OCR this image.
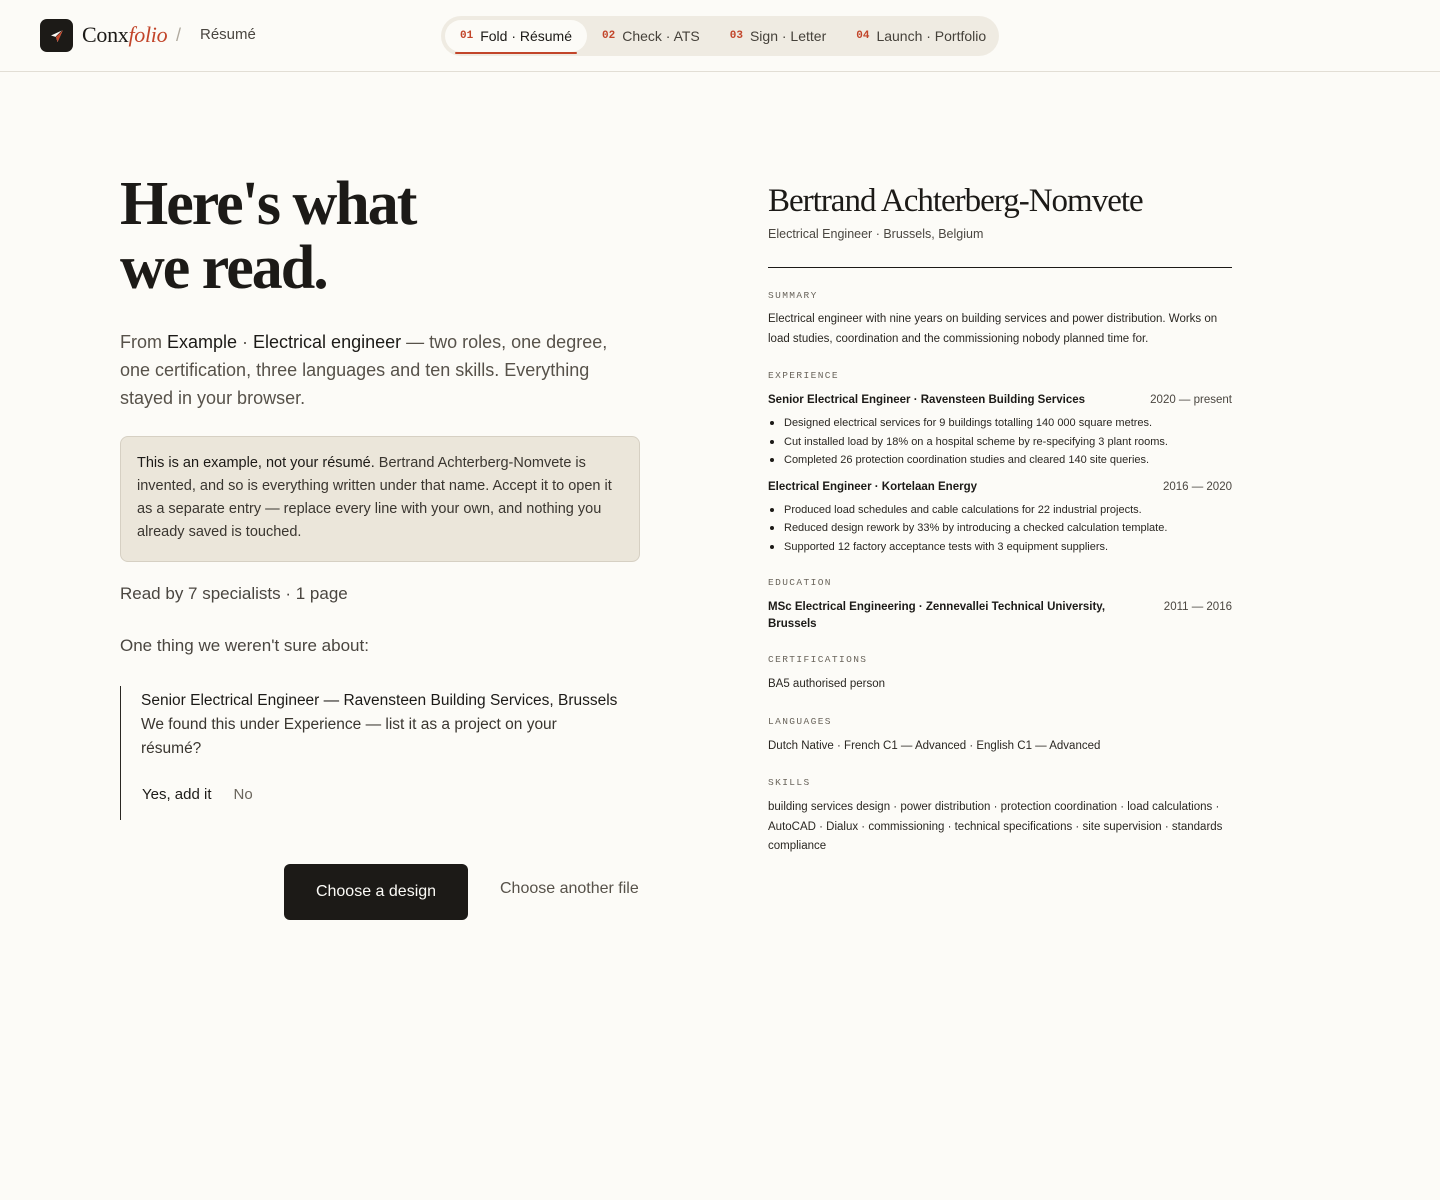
Conxfolio / Résumé	01 Fold · Résumé	02 Check · ATS	03 Sign · Letter	04 Launch · Portfolio
Here's what
we read.

From Example · Electrical engineer — two roles, one degree, one certification, three languages and ten skills. Everything stayed in your browser.

This is an example, not your résumé. Bertrand Achterberg-Nomvete is invented, and so is everything written under that name. Accept it to open it as a separate entry — replace every line with your own, and nothing you already saved is touched.
Read by 7 specialists · 1 page
One thing we weren't sure about:
Senior Electrical Engineer — Ravensteen Building Services, Brussels
We found this under Experience — list it as a project on your résumé?
Yes, add it No
Choose a design	Choose another file
Bertrand Achterberg-Nomvete
Electrical Engineer · Brussels, Belgium
SUMMARY
Electrical engineer with nine years on building services and power distribution. Works on load studies, coordination and the commissioning nobody planned time for.
EXPERIENCE
Senior Electrical Engineer · Ravensteen Building Services	2020 — present
Designed electrical services for 9 buildings totalling 140 000 square metres.
Cut installed load by 18% on a hospital scheme by re-specifying 3 plant rooms.
Completed 26 protection coordination studies and cleared 140 site queries.
Electrical Engineer · Kortelaan Energy	2016 — 2020
Produced load schedules and cable calculations for 22 industrial projects.
Reduced design rework by 33% by introducing a checked calculation template.
Supported 12 factory acceptance tests with 3 equipment suppliers.
EDUCATION
MSc Electrical Engineering · Zennevallei Technical University, Brussels
2011 — 2016
CERTIFICATIONS
BA5 authorised person
LANGUAGES
Dutch Native · French C1 — Advanced · English C1 — Advanced
SKILLS
building services design · power distribution · protection coordination · load calculations · AutoCAD · Dialux · commissioning · technical specifications · site supervision · standards compliance
